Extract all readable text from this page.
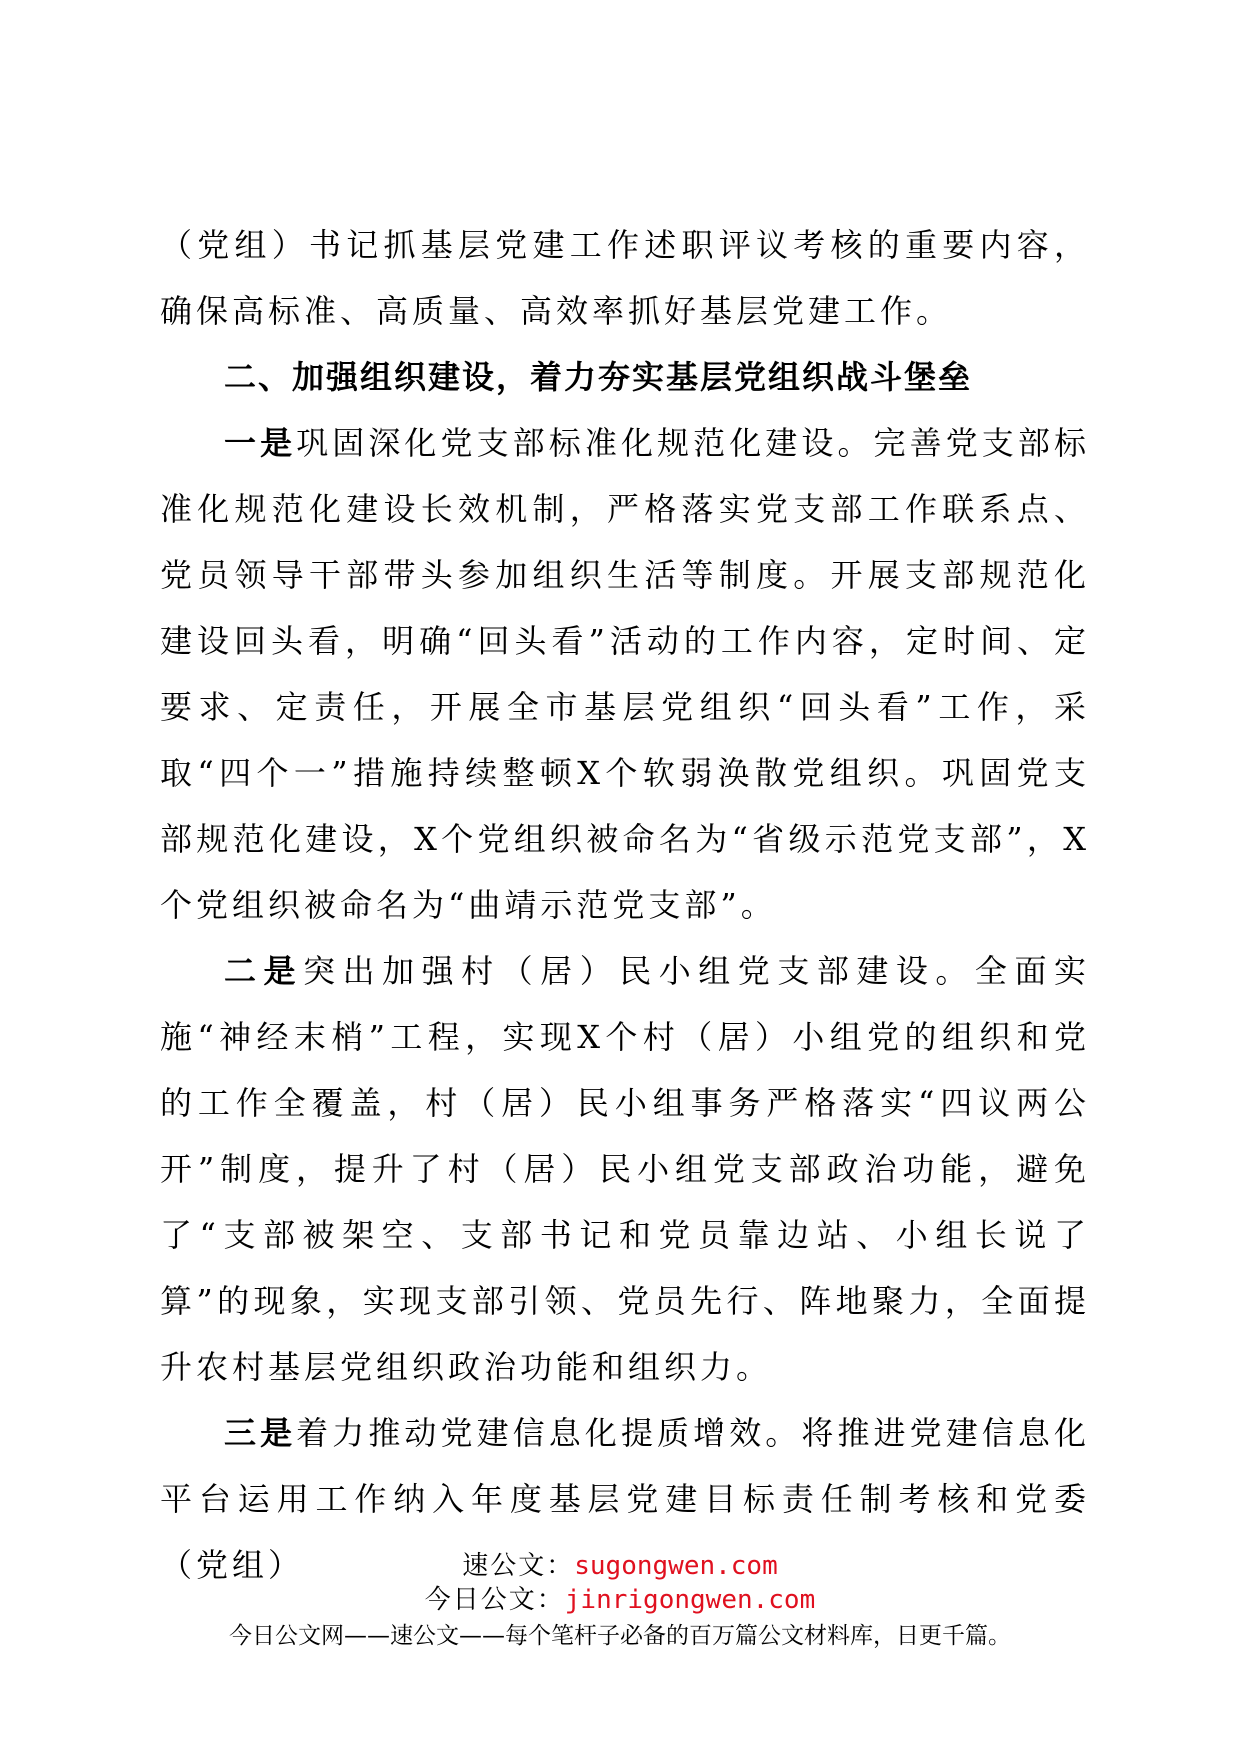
（党组）书记抓基层党建工作述职评议考核的重要内容，确保高标准、高质量、高效率抓好基层党建工作。

二、加强组织建设，着力夯实基层党组织战斗堡垒

一是巩固深化党支部标准化规范化建设。完善党支部标准化规范化建设长效机制，严格落实党支部工作联系点、党员领导干部带头参加组织生活等制度。开展支部规范化建设回头看，明确“回头看”活动的工作内容，定时间、定要求、定责任，开展全市基层党组织“回头看”工作，采取“四个一”措施持续整顿X个软弱涣散党组织。巩固党支部规范化建设，X个党组织被命名为“省级示范党支部”，X个党组织被命名为“曲靖示范党支部”。

二是突出加强村（居）民小组党支部建设。全面实施“神经末梢”工程，实现X个村（居）小组党的组织和党的工作全覆盖，村（居）民小组事务严格落实“四议两公开”制度，提升了村（居）民小组党支部政治功能，避免了“支部被架空、支部书记和党员靠边站、小组长说了算”的现象，实现支部引领、党员先行、阵地聚力，全面提升农村基层党组织政治功能和组织力。

三是着力推动党建信息化提质增效。将推进党建信息化平台运用工作纳入年度基层党建目标责任制考核和党委（党组）	速公文：sugongwen.com
今日公文：jinrigongwen.com
今日公文网——速公文——每个笔杆子必备的百万篇公文材料库，日更千篇。
